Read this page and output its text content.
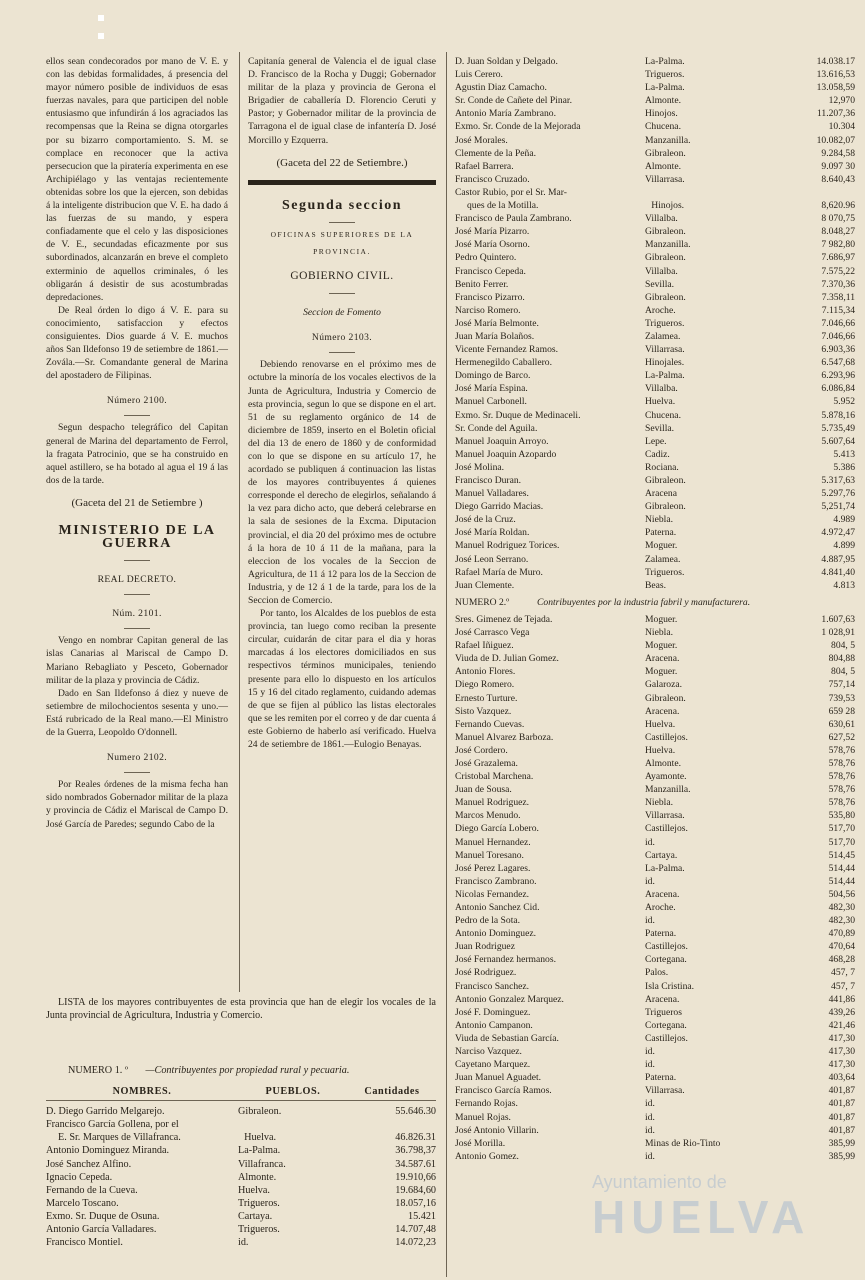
ellos sean condecorados por mano de V. E. y con las debidas formalidades, á presencia del mayor número posible de individuos de esas fuerzas navales, para que participen del noble entusiasmo que infundirán á los agraciados las recompensas que la Reina se digna otorgarles por su bizarro comportamiento. S. M. se complace en reconocer que la activa persecucion que la piratería experimenta en ese Archipiélago y las ventajas recientemente obtenidas sobre los que la ejercen, son debidas á la inteligente distribucion que V. E. ha dado á las fuerzas de su mando, y espera confiadamente que el celo y las disposiciones de V. E., secundadas eficazmente por sus subordinados, alcanzarán en breve el completo exterminio de aquellos criminales, ó les obligarán á desistir de sus acostumbradas depredaciones.

De Real órden lo digo á V. E. para su conocimiento, satisfaccion y efectos consiguientes. Dios guarde á V. E. muchos años San Ildefonso 19 de setiembre de 1861.—Zovála.—Sr. Comandante general de Marina del apostadero de Filipinas.

Número 2100.

Segun despacho telegráfico del Capitan general de Marina del departamento de Ferrol, la fragata Patrocinio, que se ha construido en aquel astillero, se ha botado al agua el 19 á las dos de la tarde.

(Gaceta del 21 de Setiembre )

MINISTERIO DE LA GUERRA

REAL DECRETO.

Núm. 2101.

Vengo en nombrar Capitan general de las islas Canarias al Mariscal de Campo D. Mariano Rebagliato y Pesceto, Gobernador militar de la plaza y provincia de Cádiz.

Dado en San Ildefonso á diez y nueve de setiembre de milochocientos sesenta y uno.—Está rubricado de la Real mano.—El Ministro de la Guerra, Leopoldo O'donnell.

Numero 2102.

Por Reales órdenes de la misma fecha han sido nombrados Gobernador militar de la plaza y provincia de Cádiz el Mariscal de Campo D. José García de Paredes; segundo Cabo de la

Capitanía general de Valencia el de igual clase D. Francisco de la Rocha y Duggi; Gobernador militar de la plaza y provincia de Gerona el Brigadier de caballería D. Florencio Ceruti y Pastor; y Gobernador militar de la provincia de Tarragona el de igual clase de infantería D. José Morcillo y Ezquerra.

(Gaceta del 22 de Setiembre.)

Segunda seccion

OFICINAS SUPERIORES DE LA

PROVINCIA.

GOBIERNO CIVIL.

Seccion de Fomento

Número 2103.

Debiendo renovarse en el próximo mes de octubre la minoría de los vocales electivos de la Junta de Agricultura, Industria y Comercio de esta provincia, segun lo que se dispone en el art. 51 de su reglamento orgánico de 14 de diciembre de 1859, inserto en el Boletin oficial del dia 13 de enero de 1860 y de conformidad con lo que se dispone en su artículo 17, he acordado se publiquen á continuacion las listas de los mayores contribuyentes á quienes corresponde el derecho de elegirlos, señalando á la vez para dicho acto, que deberá celebrarse en la sala de sesiones de la Excma. Diputacion provincial, el dia 20 del próximo mes de octubre á la hora de 10 á 11 de la mañana, para la eleccion de los vocales de la Seccion de Agricultura, de 11 á 12 para los de la Seccion de Industria, y de 12 á 1 de la tarde, para los de la Seccion de Comercio.

Por tanto, los Alcaldes de los pueblos de esta provincia, tan luego como reciban la presente circular, cuidarán de citar para el dia y horas marcadas á los electores domiciliados en sus respectivos términos municipales, teniendo presente para ello lo dispuesto en los artículos 15 y 16 del citado reglamento, cuidando ademas de que se fijen al público las listas electorales que se les remiten por el correo y de dar cuenta á este Gobierno de haberlo así verificado. Huelva 24 de setiembre de 1861.—Eulogio Benayas.

LISTA de los mayores contribuyentes de esta provincia que han de elegir los vocales de la Junta provincial de Agricultura, Industria y Comercio.

NUMERO 1. º	—Contribuyentes por propiedad rural y pecuaria.
NOMBRES.	PUEBLOS.	Cantidades
D. Diego Garrido Melgarejo.	Gibraleon.	55.646.30
Francisco García Gollena, por el
E. Sr. Marques de Villafranca.	Huelva.	46.826.31
Antonio Dominguez Miranda.	La-Palma.	36.798,37
José Sanchez Alfino.	Villafranca.	34.587.61
Ignacio Cepeda.	Almonte.	19.910,66
Fernando de la Cueva.	Huelva.	19.684,60
Marcelo Toscano.	Trigueros.	18.057,16
Exmo. Sr. Duque de Osuna.	Cartaya.	15.421
Antonio García Valladares.	Trigueros.	14.707,48
Francisco Montiel.	id.	14.072,23
D. Juan Soldan y Delgado.	La-Palma.	14.038.17
Luis Cerero.	Trigueros.	13.616,53
Agustin Diaz Camacho.	La-Palma.	13.058,59
Sr. Conde de Cañete del Pinar.	Almonte.	12,970
Antonio María Zambrano.	Hinojos.	11.207,36
Exmo. Sr. Conde de la Mejorada	Chucena.	10.304
José Morales.	Manzanilla.	10.082,07
Clemente de la Peña.	Gibraleon.	9.284,58
Rafael Barrera.	Almonte.	9.097 30
Francisco Cruzado.	Villarrasa.	8.640,43
Castor Rubio, por el Sr. Mar-
ques de la Motilla.	Hinojos.	8,620.96
Francisco de Paula Zambrano.	Villalba.	8 070,75
José María Pizarro.	Gibraleon.	8.048,27
José María Osorno.	Manzanilla.	7 982,80
Pedro Quintero.	Gibraleon.	7.686,97
Francisco Cepeda.	Villalba.	7.575,22
Benito Ferrer.	Sevilla.	7.370,36
Francisco Pizarro.	Gibraleon.	7.358,11
Narciso Romero.	Aroche.	7.115,34
José María Belmonte.	Trigueros.	7.046,66
Juan María Bolaños.	Zalamea.	7.046,66
Vicente Fernandez Ramos.	Villarrasa.	6.903,36
Hermenegildo Caballero.	Hinojales.	6.547,68
Domingo de Barco.	La-Palma.	6.293,96
José María Espina.	Villalba.	6.086,84
Manuel Carbonell.	Huelva.	5.952
Exmo. Sr. Duque de Medinaceli.	Chucena.	5.878,16
Sr. Conde del Aguila.	Sevilla.	5.735,49
Manuel Joaquin Arroyo.	Lepe.	5.607,64
Manuel Joaquin Azopardo	Cadiz.	5.413
José Molina.	Rociana.	5.386
Francisco Duran.	Gibraleon.	5.317,63
Manuel Valladares.	Aracena	5.297,76
Diego Garrido Macias.	Gibraleon.	5,251,74
José de la Cruz.	Niebla.	4.989
José María Roldan.	Paterna.	4.972,47
Manuel Rodriguez Torices.	Moguer.	4.899
José Leon Serrano.	Zalamea.	4.887,95
Rafael María de Muro.	Trigueros.	4.841,40
Juan Clemente.	Beas.	4.813
NUMERO 2.º	Contribuyentes por la industria fabril y manufacturera.
Sres. Gimenez de Tejada.	Moguer.	1.607,63
José Carrasco Vega	Niebla.	1 028,91
Rafael Iñiguez.	Moguer.	804, 5
Viuda de D. Julian Gomez.	Aracena.	804,88
Antonio Flores.	Moguer.	804, 5
Diego Romero.	Galaroza.	757,14
Ernesto Turture.	Gibraleon.	739,53
Sisto Vazquez.	Aracena.	659 28
Fernando Cuevas.	Huelva.	630,61
Manuel Alvarez Barboza.	Castillejos.	627,52
José Cordero.	Huelva.	578,76
José Grazalema.	Almonte.	578,76
Cristobal Marchena.	Ayamonte.	578,76
Juan de Sousa.	Manzanilla.	578,76
Manuel Rodriguez.	Niebla.	578,76
Marcos Menudo.	Villarrasa.	535,80
Diego García Lobero.	Castillejos.	517,70
Manuel Hernandez.	id.	517,70
Manuel Toresano.	Cartaya.	514,45
José Perez Lagares.	La-Palma.	514,44
Francisco Zambrano.	id.	514,44
Nicolas Fernandez.	Aracena.	504,56
Antonio Sanchez Cid.	Aroche.	482,30
Pedro de la Sota.	id.	482,30
Antonio Dominguez.	Paterna.	470,89
Juan Rodriguez	Castillejos.	470,64
José Fernandez hermanos.	Cortegana.	468,28
José Rodriguez.	Palos.	457, 7
Francisco Sanchez.	Isla Cristina.	457, 7
Antonio Gonzalez Marquez.	Aracena.	441,86
José F. Dominguez.	Trigueros	439,26
Antonio Campanon.	Cortegana.	421,46
Viuda de Sebastian García.	Castillejos.	417,30
Narciso Vazquez.	id.	417,30
Cayetano Marquez.	id.	417,30
Juan Manuel Aguadet.	Paterna.	403,64
Francisco García Ramos.	Villarrasa.	401,87
Fernando Rojas.	id.	401,87
Manuel Rojas.	id.	401,87
José Antonio Villarin.	id.	401,87
José Morilla.	Minas de Rio-Tinto	385,99
Antonio Gomez.	id.	385,99
Ayuntamiento de
HUELVA
